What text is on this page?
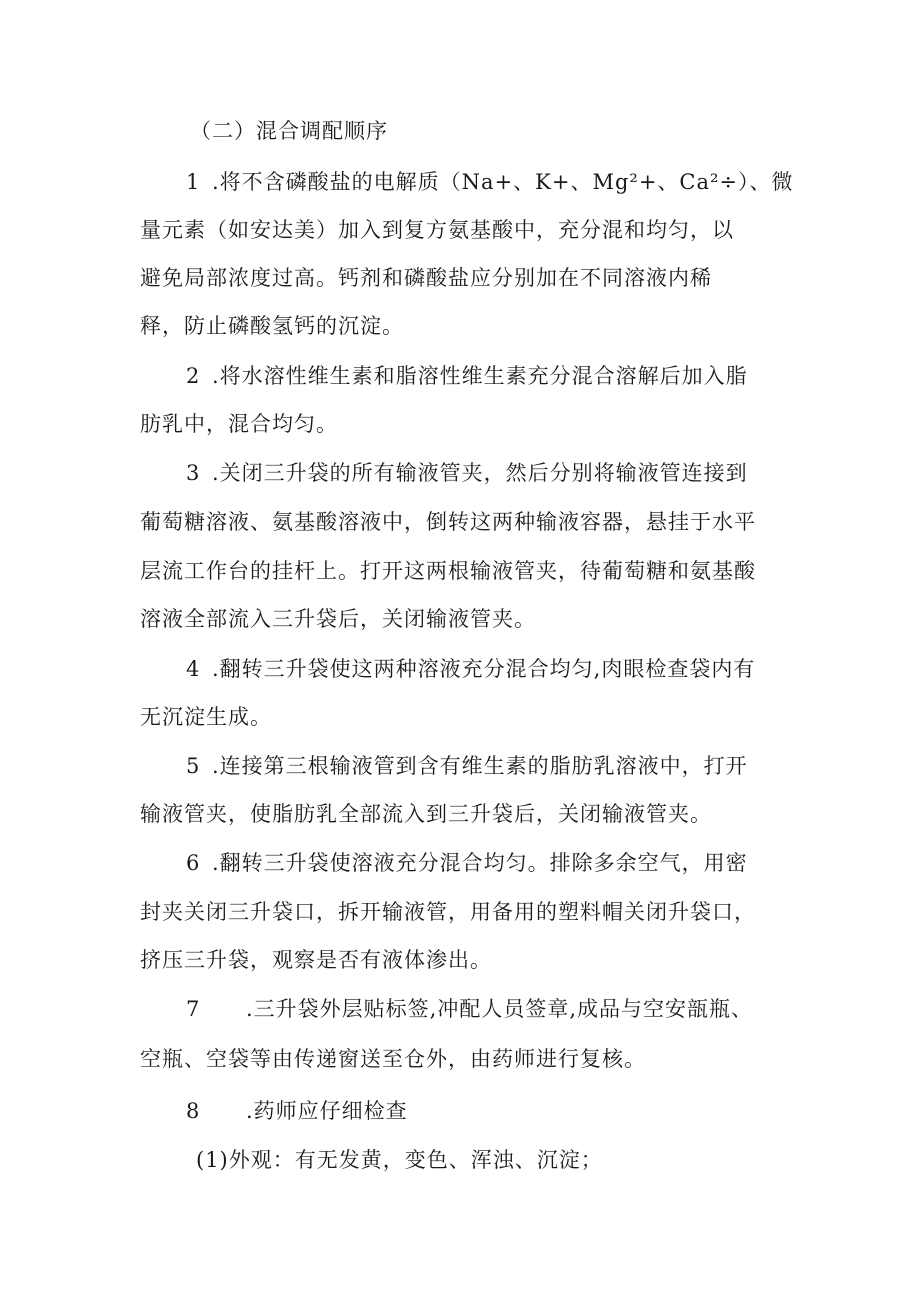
（二）混合调配顺序
1 .将不含磷酸盐的电解质（Na+、K+、Mg²+、Ca²÷）、微
量元素（如安达美）加入到复方氨基酸中，充分混和均匀，以
避免局部浓度过高。钙剂和磷酸盐应分别加在不同溶液内稀
释，防止磷酸氢钙的沉淀。
2 .将水溶性维生素和脂溶性维生素充分混合溶解后加入脂
肪乳中，混合均匀。
3 .关闭三升袋的所有输液管夹，然后分别将输液管连接到
葡萄糖溶液、氨基酸溶液中，倒转这两种输液容器，悬挂于水平
层流工作台的挂杆上。打开这两根输液管夹，待葡萄糖和氨基酸
溶液全部流入三升袋后，关闭输液管夹。
4 .翻转三升袋使这两种溶液充分混合均匀,肉眼检查袋内有
无沉淀生成。
5 .连接第三根输液管到含有维生素的脂肪乳溶液中，打开
输液管夹，使脂肪乳全部流入到三升袋后，关闭输液管夹。
6 .翻转三升袋使溶液充分混合均匀。排除多余空气，用密
封夹关闭三升袋口，拆开输液管，用备用的塑料帽关闭升袋口，
挤压三升袋，观察是否有液体渗出。
7 .三升袋外层贴标签,冲配人员签章,成品与空安瓿瓶、
空瓶、空袋等由传递窗送至仓外，由药师进行复核。
8 .药师应仔细检查
(1)外观：有无发黄，变色、浑浊、沉淀；
